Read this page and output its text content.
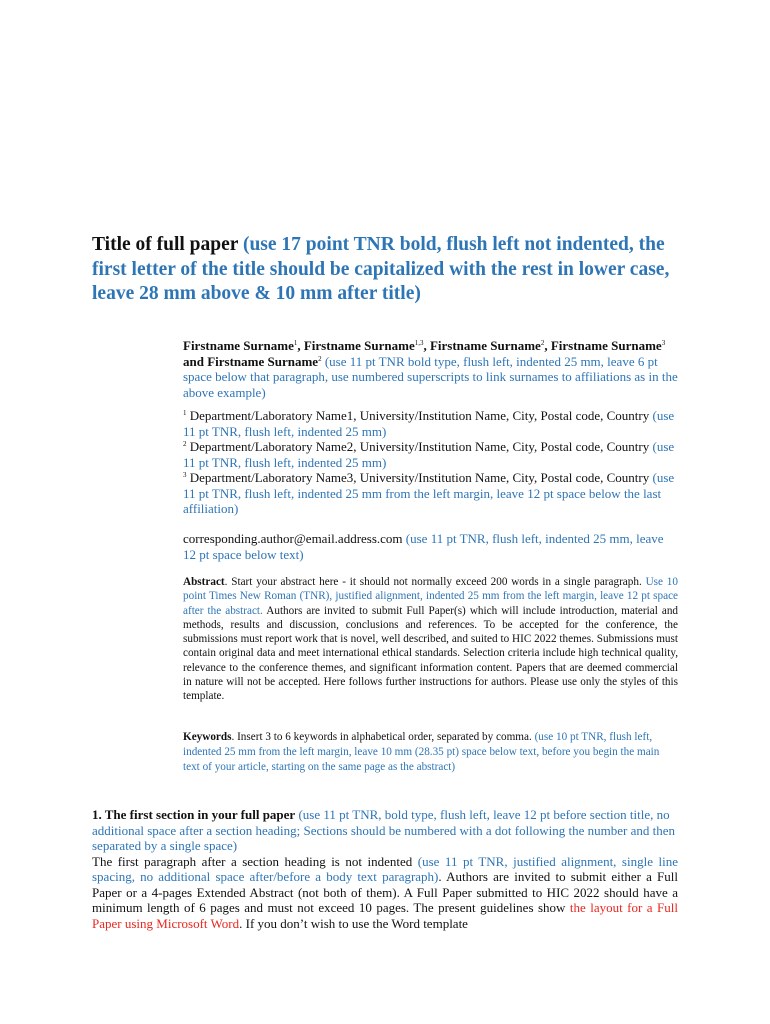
Title of full paper (use 17 point TNR bold, flush left not indented, the first letter of the title should be capitalized with the rest in lower case, leave 28 mm above & 10 mm after title)
Firstname Surname$^1$, Firstname Surname$^{1,3}$, Firstname Surname$^2$, Firstname Surname$^3$ and Firstname Surname$^2$ (use 11 pt TNR bold type, flush left, indented 25 mm, leave 6 pt space below that paragraph, use numbered superscripts to link surnames to affiliations as in the above example)

$^1$ Department/Laboratory Name1, University/Institution Name, City, Postal code, Country (use 11 pt TNR, flush left, indented 25 mm)

$^2$ Department/Laboratory Name2, University/Institution Name, City, Postal code, Country (use 11 pt TNR, flush left, indented 25 mm)

$^3$ Department/Laboratory Name3, University/Institution Name, City, Postal code, Country (use 11 pt TNR, flush left, indented 25 mm from the left margin, leave 12 pt space below the last affiliation)

corresponding.author@email.address.com (use 11 pt TNR, flush left, indented 25 mm, leave 12 pt space below text)
Abstract. Start your abstract here - it should not normally exceed 200 words in a single paragraph. Use 10 point Times New Roman (TNR), justified alignment, indented 25 mm from the left margin, leave 12 pt space after the abstract. Authors are invited to submit Full Paper(s) which will include introduction, material and methods, results and discussion, conclusions and references. To be accepted for the conference, the submissions must report work that is novel, well described, and suited to HIC 2022 themes. Submissions must contain original data and meet international ethical standards. Selection criteria include high technical quality, relevance to the conference themes, and significant information content. Papers that are deemed commercial in nature will not be accepted. Here follows further instructions for authors. Please use only the styles of this template.
Keywords. Insert 3 to 6 keywords in alphabetical order, separated by comma. (use 10 pt TNR, flush left, indented 25 mm from the left margin, leave 10 mm (28.35 pt) space below text, before you begin the main text of your article, starting on the same page as the abstract)

1. The first section in your full paper (use 11 pt TNR, bold type, flush left, leave 12 pt before section title, no additional space after a section heading; Sections should be numbered with a dot following the number and then separated by a single space)

The first paragraph after a section heading is not indented (use 11 pt TNR, justified alignment, single line spacing, no additional space after/before a body text paragraph). Authors are invited to submit either a Full Paper or a 4-pages Extended Abstract (not both of them). A Full Paper submitted to HIC 2022 should have a minimum length of 6 pages and must not exceed 10 pages. The present guidelines show the layout for a Full Paper using Microsoft Word. If you don’t wish to use the Word template
